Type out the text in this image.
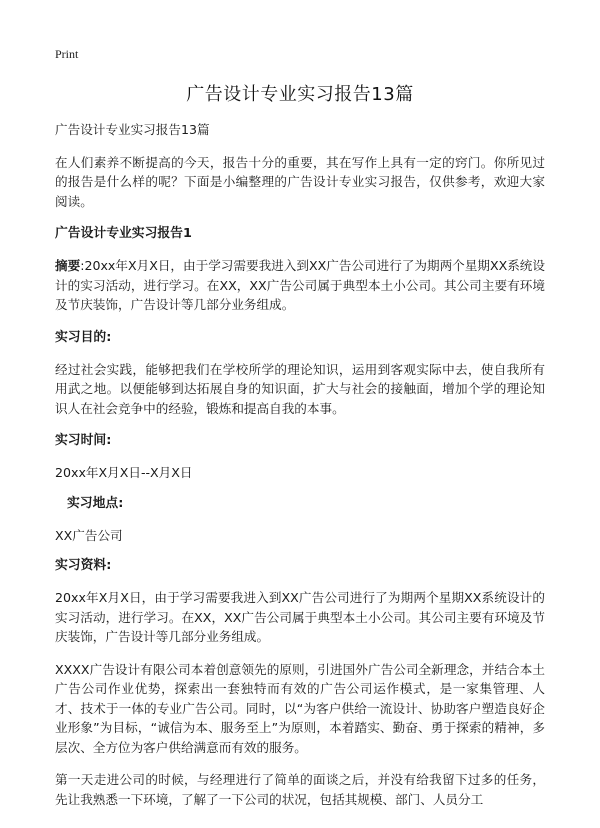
Print
广告设计专业实习报告13篇

广告设计专业实习报告13篇

在人们素养不断提高的今天，报告十分的重要，其在写作上具有一定的窍门。你所见过的报告是什么样的呢？下面是小编整理的广告设计专业实习报告，仅供参考，欢迎大家阅读。

广告设计专业实习报告1

摘要:20xx年X月X日，由于学习需要我进入到XX广告公司进行了为期两个星期XX系统设计的实习活动，进行学习。在XX，XX广告公司属于典型本土小公司。其公司主要有环境及节庆装饰，广告设计等几部分业务组成。

实习目的:

经过社会实践，能够把我们在学校所学的理论知识，运用到客观实际中去，使自我所有用武之地。以便能够到达拓展自身的知识面，扩大与社会的接触面，增加个学的理论知识人在社会竞争中的经验，锻炼和提高自我的本事。

实习时间:

20xx年X月X日--X月X日

实习地点:

XX广告公司

实习资料:

20xx年X月X日，由于学习需要我进入到XX广告公司进行了为期两个星期XX系统设计的实习活动，进行学习。在XX，XX广告公司属于典型本土小公司。其公司主要有环境及节庆装饰，广告设计等几部分业务组成。

XXXX广告设计有限公司本着创意领先的原则，引进国外广告公司全新理念，并结合本土广告公司作业优势，探索出一套独特而有效的广告公司运作模式，是一家集管理、人才、技术于一体的专业广告公司。同时，以“为客户供给一流设计、协助客户塑造良好企业形象”为目标，“诚信为本、服务至上”为原则，本着踏实、勤奋、勇于探索的精神，多层次、全方位为客户供给满意而有效的服务。

第一天走进公司的时候，与经理进行了简单的面谈之后，并没有给我留下过多的任务，先让我熟悉一下环境，了解了一下公司的状况，包括其规模、部门、人员分工
